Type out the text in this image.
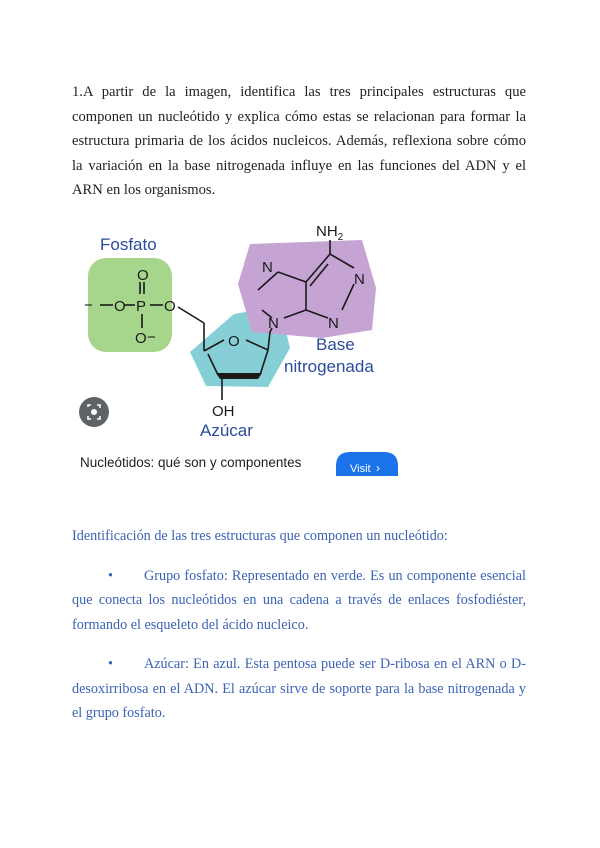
1.A partir de la imagen, identifica las tres principales estructuras que componen un nucleótido y explica cómo estas se relacionan para formar la estructura primaria de los ácidos nucleicos. Además, reflexiona sobre cómo la variación en la base nitrogenada influye en las funciones del ADN y el ARN en los organismos.
Fosfato
Base
nitrogenada
Azúcar
− O
O
P O
O −	O
OH
$NH_2$
N
N
N
N
Nucleótidos: qué son y componentes	Visit ›

Identificación de las tres estructuras que componen un nucleótido:

• Grupo fosfato: Representado en verde. Es un componente esencial que conecta los nucleótidos en una cadena a través de enlaces fosfodiéster, formando el esqueleto del ácido nucleico.

• Azúcar: En azul. Esta pentosa puede ser D-ribosa en el ARN o D-desoxirribosa en el ADN. El azúcar sirve de soporte para la base nitrogenada y el grupo fosfato.
